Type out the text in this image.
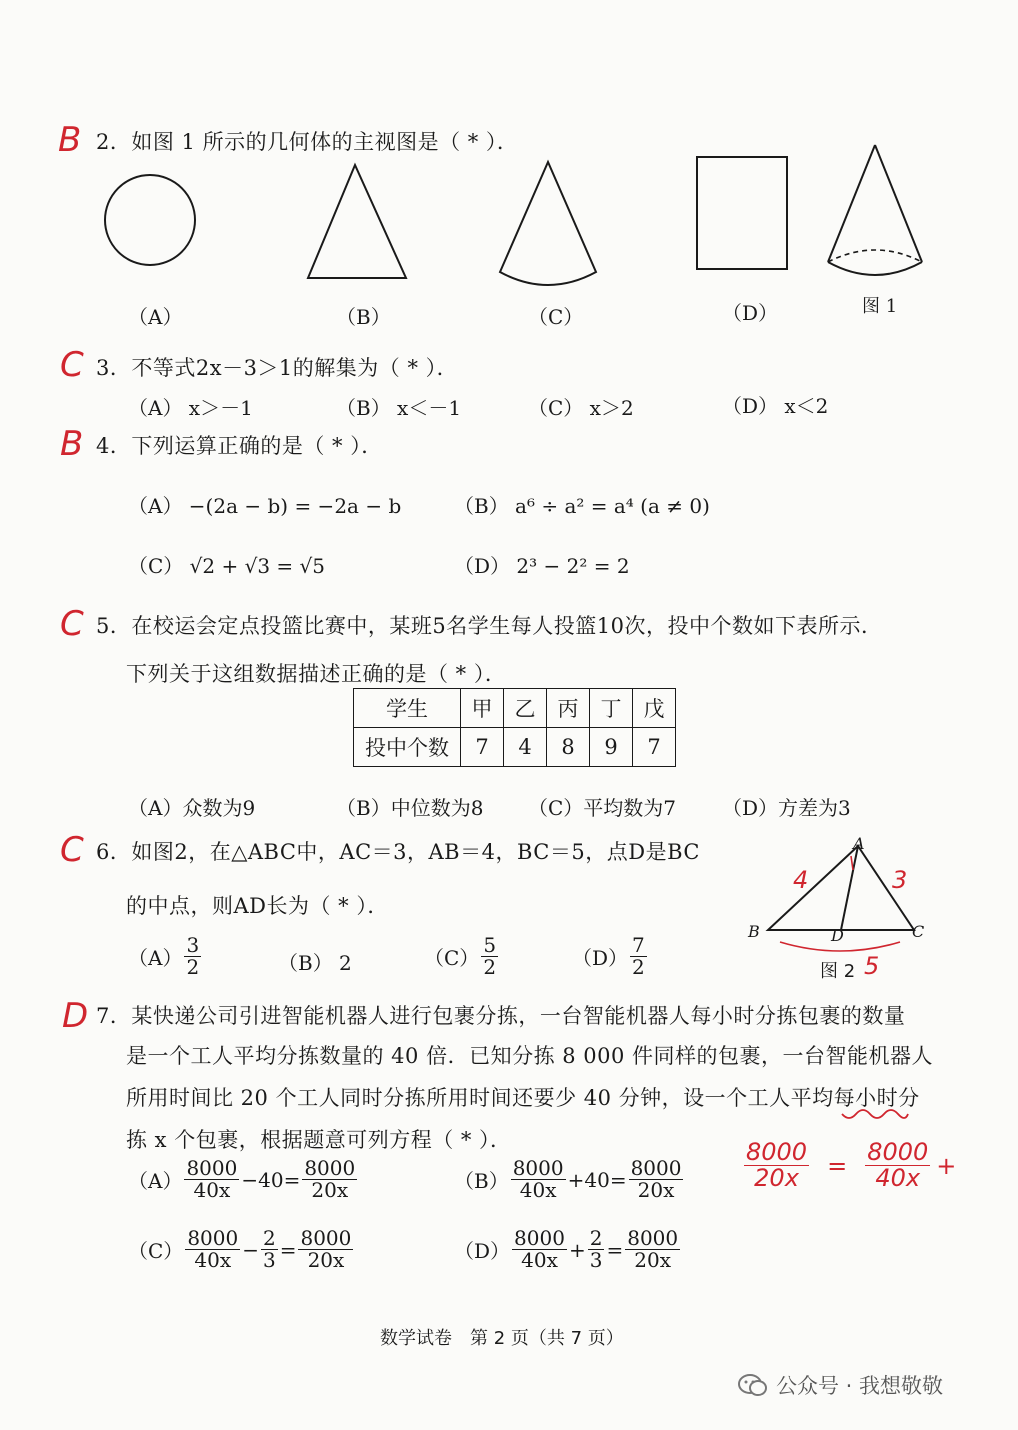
B 2．如图 1 所示的几何体的主视图是（ * ）．
（A）	（B）	（C）	（D）	图 1
C 3．不等式2x－3＞1的解集为（ * ）．
（A） x＞－1	（B） x＜－1	（C） x＞2	（D） x＜2
B 4．下列运算正确的是（ * ）．
（A） −(2a − b) = −2a − b	（B） a⁶ ÷ a² = a⁴ (a ≠ 0)
（C） √2 + √3 = √5	（D） 2³ − 2² = 2
C 5．在校运会定点投篮比赛中，某班5名学生每人投篮10次，投中个数如下表所示．
下列关于这组数据描述正确的是（ * ）．
学生	甲	乙	丙	丁	戊
投中个数	7	4	8	9	7
（A）众数为9	（B）中位数为8 （C）平均数为7 （D）方差为3
C 6．如图2，在△ABC中，AC＝3，AB＝4，BC＝5，点D是BC
的中点，则AD长为（ * ）．
$(A) \frac{3}{2}$	（B） 2	$(C) \frac{5}{2}$	$(D) \frac{7}{2}$
A
B	C
D
图 2
4	3
5
D 7．某快递公司引进智能机器人进行包裹分拣，一台智能机器人每小时分拣包裹的数量
是一个工人平均分拣数量的 40 倍．已知分拣 8 000 件同样的包裹，一台智能机器人
所用时间比 20 个工人同时分拣所用时间还要少 40 分钟，设一个工人平均每小时分
拣 x 个包裹，根据题意可列方程（ * ）．
$(A) \frac{8000}{40x} -40= \frac{8000}{20x}$	$(B) \frac{8000}{40x} +40= \frac{8000}{20x}$
$(C) \frac{8000}{40x} - \frac{2}{3} = \frac{8000}{20x}$	$(D) \frac{8000}{40x} + \frac{2}{3} = \frac{8000}{20x}$
$\frac{8000}{20x} = \frac{8000}{40x}$ +
数学试卷　第 2 页（共 7 页）
公众号 · 我想敬敬
